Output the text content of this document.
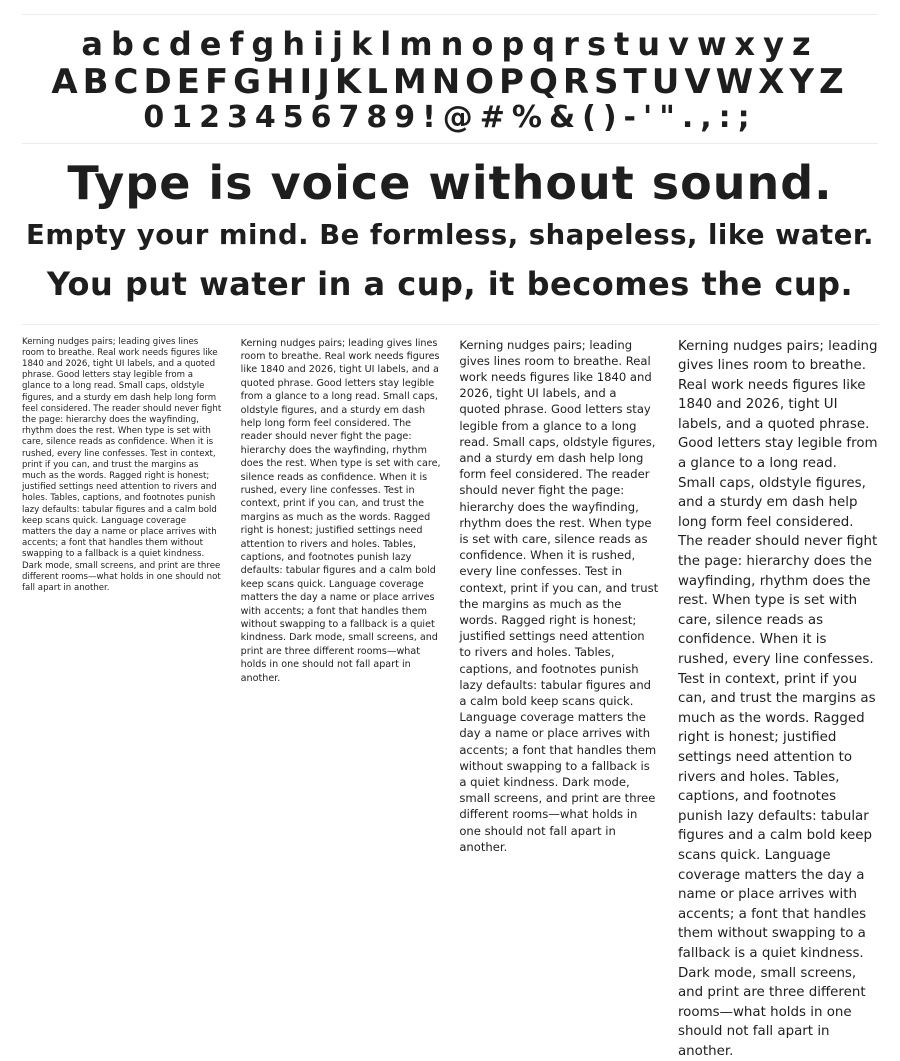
abcdefghijklmnopqrstuvwxyz
ABCDEFGHIJKLMNOPQRSTUVWXYZ
0123456789!@#%&()-'".,:;
Type is voice without sound.
Empty your mind. Be formless, shapeless, like water.
You put water in a cup, it becomes the cup.
Kerning nudges pairs; leading gives lines room to breathe. Real work needs figures like 1840 and 2026, tight UI labels, and a quoted phrase. Good letters stay legible from a glance to a long read. Small caps, oldstyle figures, and a sturdy em dash help long form feel considered. The reader should never fight the page: hierarchy does the wayfinding, rhythm does the rest. When type is set with care, silence reads as confidence. When it is rushed, every line confesses. Test in context, print if you can, and trust the margins as much as the words. Ragged right is honest; justified settings need attention to rivers and holes. Tables, captions, and footnotes punish lazy defaults: tabular figures and a calm bold keep scans quick. Language coverage matters the day a name or place arrives with accents; a font that handles them without swapping to a fallback is a quiet kindness. Dark mode, small screens, and print are three different rooms—what holds in one should not fall apart in another.
Kerning nudges pairs; leading gives lines room to breathe. Real work needs figures like 1840 and 2026, tight UI labels, and a quoted phrase. Good letters stay legible from a glance to a long read. Small caps, oldstyle figures, and a sturdy em dash help long form feel considered. The reader should never fight the page: hierarchy does the wayfinding, rhythm does the rest. When type is set with care, silence reads as confidence. When it is rushed, every line confesses. Test in context, print if you can, and trust the margins as much as the words. Ragged right is honest; justified settings need attention to rivers and holes. Tables, captions, and footnotes punish lazy defaults: tabular figures and a calm bold keep scans quick. Language coverage matters the day a name or place arrives with accents; a font that handles them without swapping to a fallback is a quiet kindness. Dark mode, small screens, and print are three different rooms—what holds in one should not fall apart in another.
Kerning nudges pairs; leading gives lines room to breathe. Real work needs figures like 1840 and 2026, tight UI labels, and a quoted phrase. Good letters stay legible from a glance to a long read. Small caps, oldstyle figures, and a sturdy em dash help long form feel considered. The reader should never fight the page: hierarchy does the wayfinding, rhythm does the rest. When type is set with care, silence reads as confidence. When it is rushed, every line confesses. Test in context, print if you can, and trust the margins as much as the words. Ragged right is honest; justified settings need attention to rivers and holes. Tables, captions, and footnotes punish lazy defaults: tabular figures and a calm bold keep scans quick. Language coverage matters the day a name or place arrives with accents; a font that handles them without swapping to a fallback is a quiet kindness. Dark mode, small screens, and print are three different rooms—what holds in one should not fall apart in another.
Kerning nudges pairs; leading gives lines room to breathe. Real work needs figures like 1840 and 2026, tight UI labels, and a quoted phrase. Good letters stay legible from a glance to a long read. Small caps, oldstyle figures, and a sturdy em dash help long form feel considered. The reader should never fight the page: hierarchy does the wayfinding, rhythm does the rest. When type is set with care, silence reads as confidence. When it is rushed, every line confesses. Test in context, print if you can, and trust the margins as much as the words. Ragged right is honest; justified settings need attention to rivers and holes. Tables, captions, and footnotes punish lazy defaults: tabular figures and a calm bold keep scans quick. Language coverage matters the day a name or place arrives with accents; a font that handles them without swapping to a fallback is a quiet kindness. Dark mode, small screens, and print are three different rooms—what holds in one should not fall apart in another.
